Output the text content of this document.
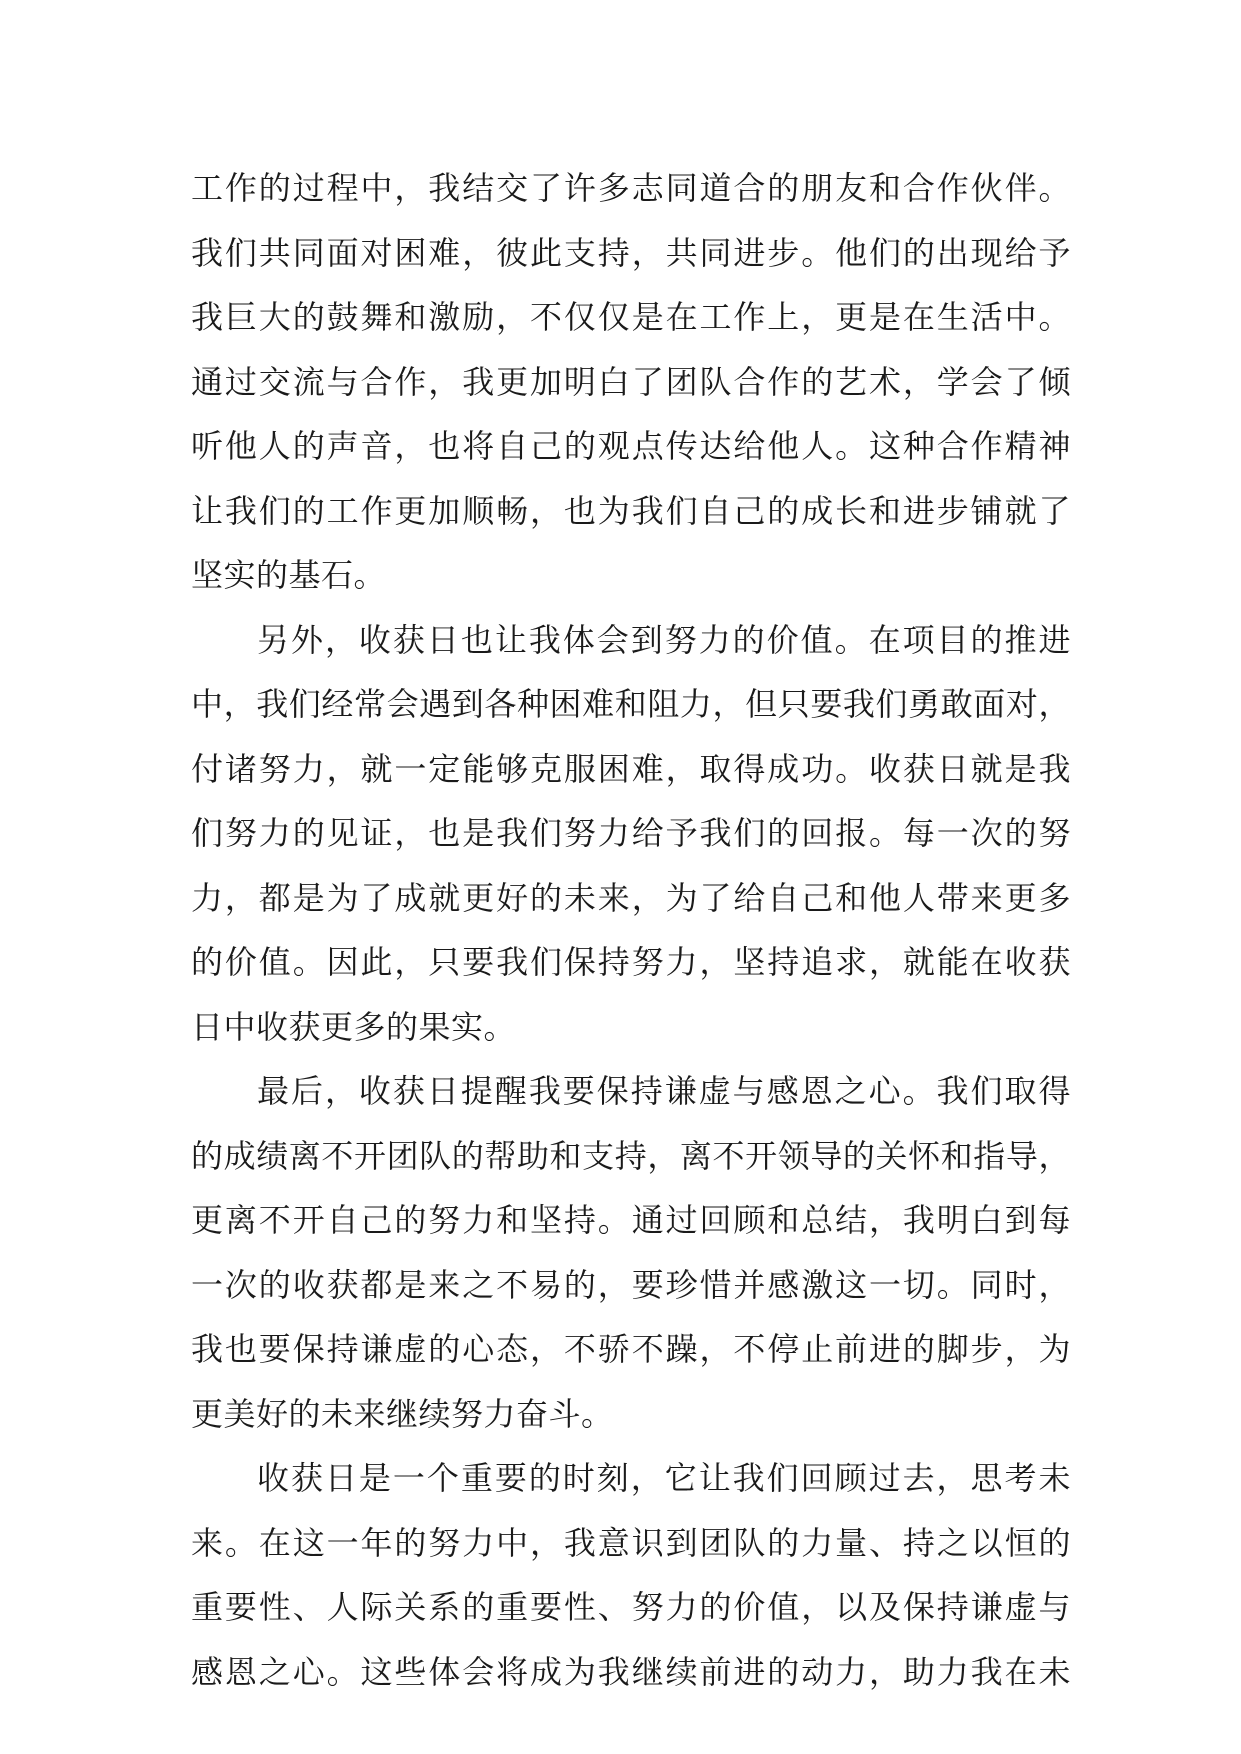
工作的过程中，我结交了许多志同道合的朋友和合作伙伴。
我们共同面对困难，彼此支持，共同进步。他们的出现给予
我巨大的鼓舞和激励，不仅仅是在工作上，更是在生活中。
通过交流与合作，我更加明白了团队合作的艺术，学会了倾
听他人的声音，也将自己的观点传达给他人。这种合作精神
让我们的工作更加顺畅，也为我们自己的成长和进步铺就了
坚实的基石。
另外，收获日也让我体会到努力的价值。在项目的推进
中，我们经常会遇到各种困难和阻力，但只要我们勇敢面对，
付诸努力，就一定能够克服困难，取得成功。收获日就是我
们努力的见证，也是我们努力给予我们的回报。每一次的努
力，都是为了成就更好的未来，为了给自己和他人带来更多
的价值。因此，只要我们保持努力，坚持追求，就能在收获
日中收获更多的果实。
最后，收获日提醒我要保持谦虚与感恩之心。我们取得
的成绩离不开团队的帮助和支持，离不开领导的关怀和指导，
更离不开自己的努力和坚持。通过回顾和总结，我明白到每
一次的收获都是来之不易的，要珍惜并感激这一切。同时，
我也要保持谦虚的心态，不骄不躁，不停止前进的脚步，为
更美好的未来继续努力奋斗。
收获日是一个重要的时刻，它让我们回顾过去，思考未
来。在这一年的努力中，我意识到团队的力量、持之以恒的
重要性、人际关系的重要性、努力的价值，以及保持谦虚与
感恩之心。这些体会将成为我继续前进的动力，助力我在未
